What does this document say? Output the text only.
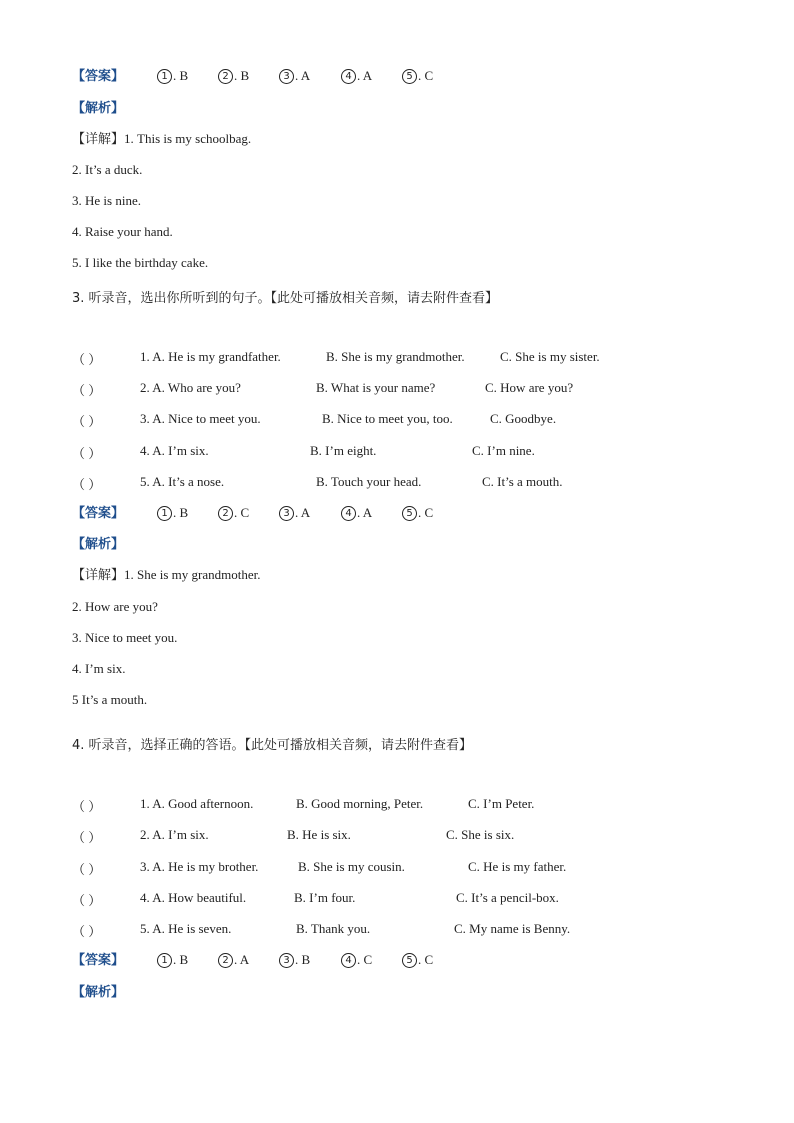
【答案】	1 . B	2 . B	3 . A	4 . A	5 . C
【解析】
【详解】1. This is my schoolbag.
2. It’s a duck.
3. He is nine.
4. Raise your hand.
5. I like the birthday cake.
3. 听录音，选出你所听到的句子。【此处可播放相关音频，请去附件查看】
（ ）	1. A. He is my grandfather.	B. She is my grandmother.	C. She is my sister.
（ ）	2. A. Who are you?	B. What is your name?	C. How are you?
（ ）	3. A. Nice to meet you.	B. Nice to meet you, too.	C. Goodbye.
（ ）	4. A. I’m six.	B. I’m eight.	C. I’m nine.
（ ）	5. A. It’s a nose.	B. Touch your head.	C. It’s a mouth.
【答案】	1 . B	2 . C	3 . A	4 . A	5 . C
【解析】
【详解】1. She is my grandmother.
2. How are you?
3. Nice to meet you.
4. I’m six.
5 It’s a mouth.
4. 听录音，选择正确的答语。【此处可播放相关音频，请去附件查看】
（ ）	1. A. Good afternoon.	B. Good morning, Peter.	C. I’m Peter.
（ ）	2. A. I’m six.	B. He is six.	C. She is six.
（ ）	3. A. He is my brother.	B. She is my cousin.	C. He is my father.
（ ）	4. A. How beautiful.	B. I’m four.	C. It’s a pencil-box.
（ ）	5. A. He is seven.	B. Thank you.	C. My name is Benny.
【答案】	1 . B	2 . A	3 . B	4 . C	5 . C
【解析】
